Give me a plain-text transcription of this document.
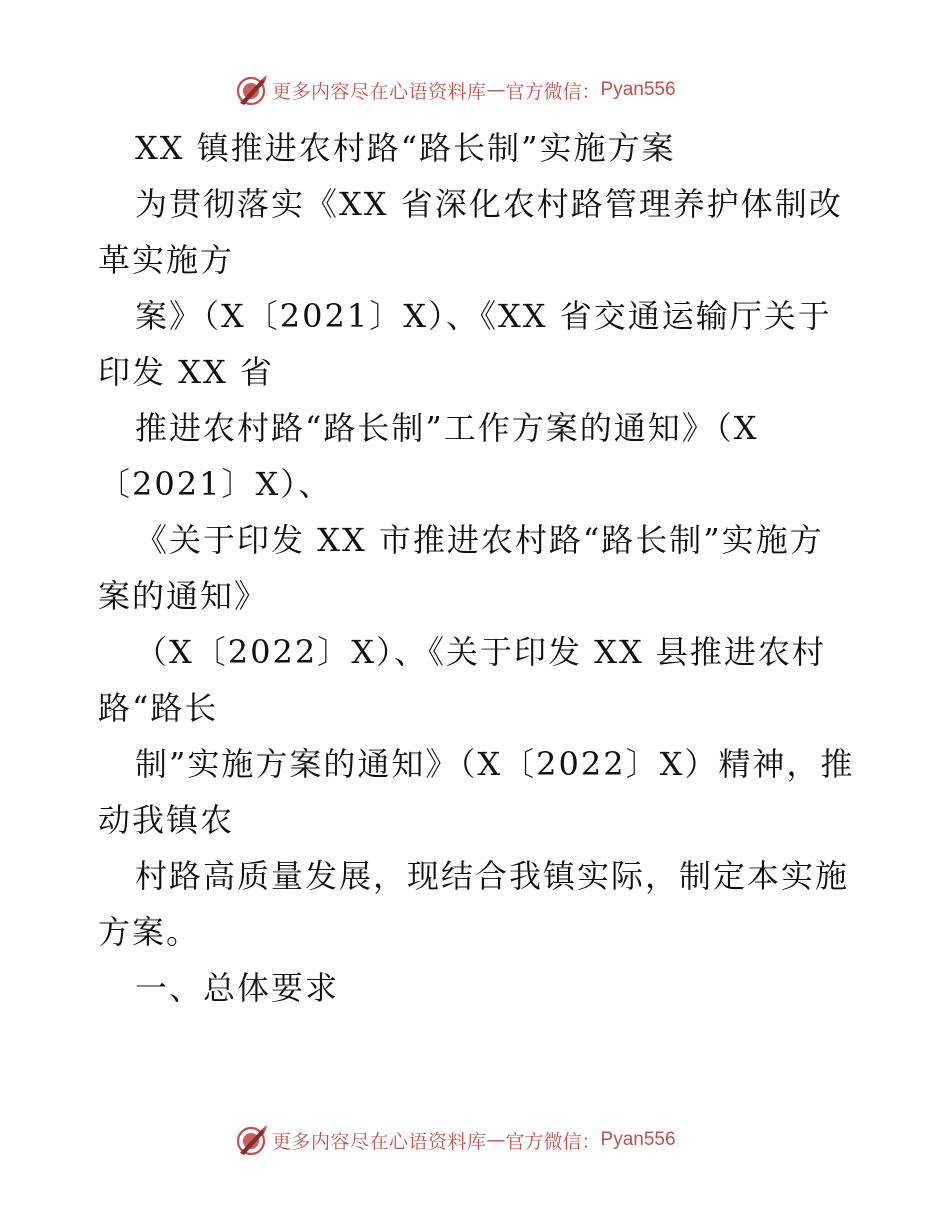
更多内容尽在心语资料库 — 官方微信： Pyan556
XX 镇推进农村路“路长制”实施方案
为贯彻落实《XX 省深化农村路管理养护体制改
革实施方
案》（X〔2021〕X）、《XX 省交通运输厅关于
印发 XX 省
推进农村路“路长制”工作方案的通知》（X
〔2021〕X）、
《关于印发 XX 市推进农村路“路长制”实施方
案的通知》
（X〔2022〕X）、《关于印发 XX 县推进农村
路“路长
制”实施方案的通知》（X〔2022〕X）精神，推
动我镇农
村路高质量发展，现结合我镇实际，制定本实施
方案。
一、总体要求
更多内容尽在心语资料库 — 官方微信： Pyan556
